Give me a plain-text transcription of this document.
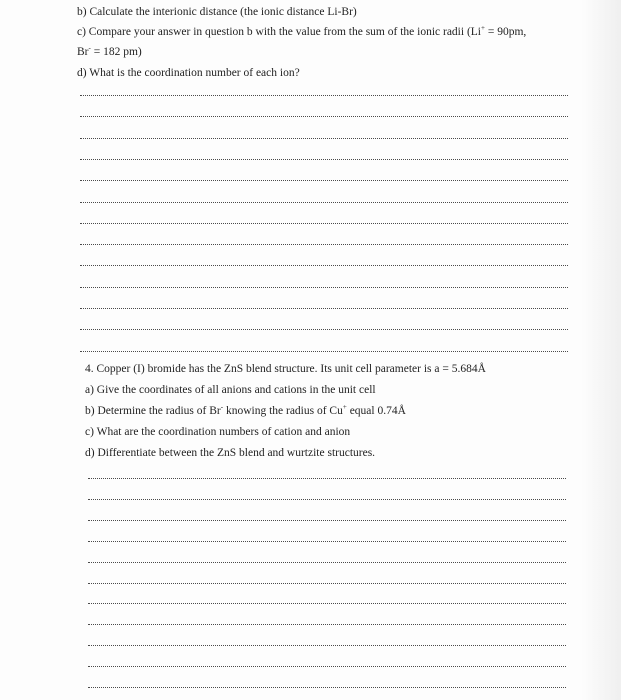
b) Calculate the interionic distance (the ionic distance Li-Br)
c) Compare your answer in question b with the value from the sum of the ionic radii (Li+ = 90pm,
Br- = 182 pm)
d) What is the coordination number of each ion?
4. Copper (I) bromide has the ZnS blend structure. Its unit cell parameter is a = 5.684Å
a) Give the coordinates of all anions and cations in the unit cell
b) Determine the radius of Br- knowing the radius of Cu+ equal 0.74Å
c) What are the coordination numbers of cation and anion
d) Differentiate between the ZnS blend and wurtzite structures.
